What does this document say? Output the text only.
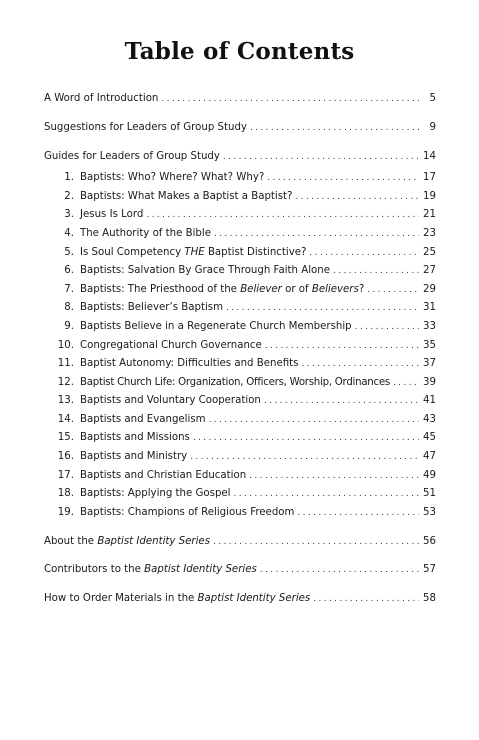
Table of Contents
A Word of Introduction . . .	5
Suggestions for Leaders of Group Study . . .	9
Guides for Leaders of Group Study . . .	14
1. Baptists: Who? Where? What? Why? . . .	17
2. Baptists: What Makes a Baptist a Baptist? . . .	19
3. Jesus Is Lord . . .	21
4. The Authority of the Bible . . .	23
5. Is Soul Competency THE Baptist Distinctive? . . .	25
6. Baptists: Salvation By Grace Through Faith Alone . . .	27
7. Baptists: The Priesthood of the Believer or of Believers? . . .	29
8. Baptists: Believer’s Baptism . . .	31
9. Baptists Believe in a Regenerate Church Membership . . .	33
10. Congregational Church Governance . . .	35
11. Baptist Autonomy: Difficulties and Benefits . . .	37
12. Baptist Church Life: Organization, Officers, Worship, Ordinances . . .	39
13. Baptists and Voluntary Cooperation . . .	41
14. Baptists and Evangelism . . .	43
15. Baptists and Missions . . .	45
16. Baptists and Ministry . . .	47
17. Baptists and Christian Education . . .	49
18. Baptists: Applying the Gospel . . .	51
19. Baptists: Champions of Religious Freedom . . .	53
About the Baptist Identity Series . . .	56
Contributors to the Baptist Identity Series . . .	57
How to Order Materials in the Baptist Identity Series . . .	58
